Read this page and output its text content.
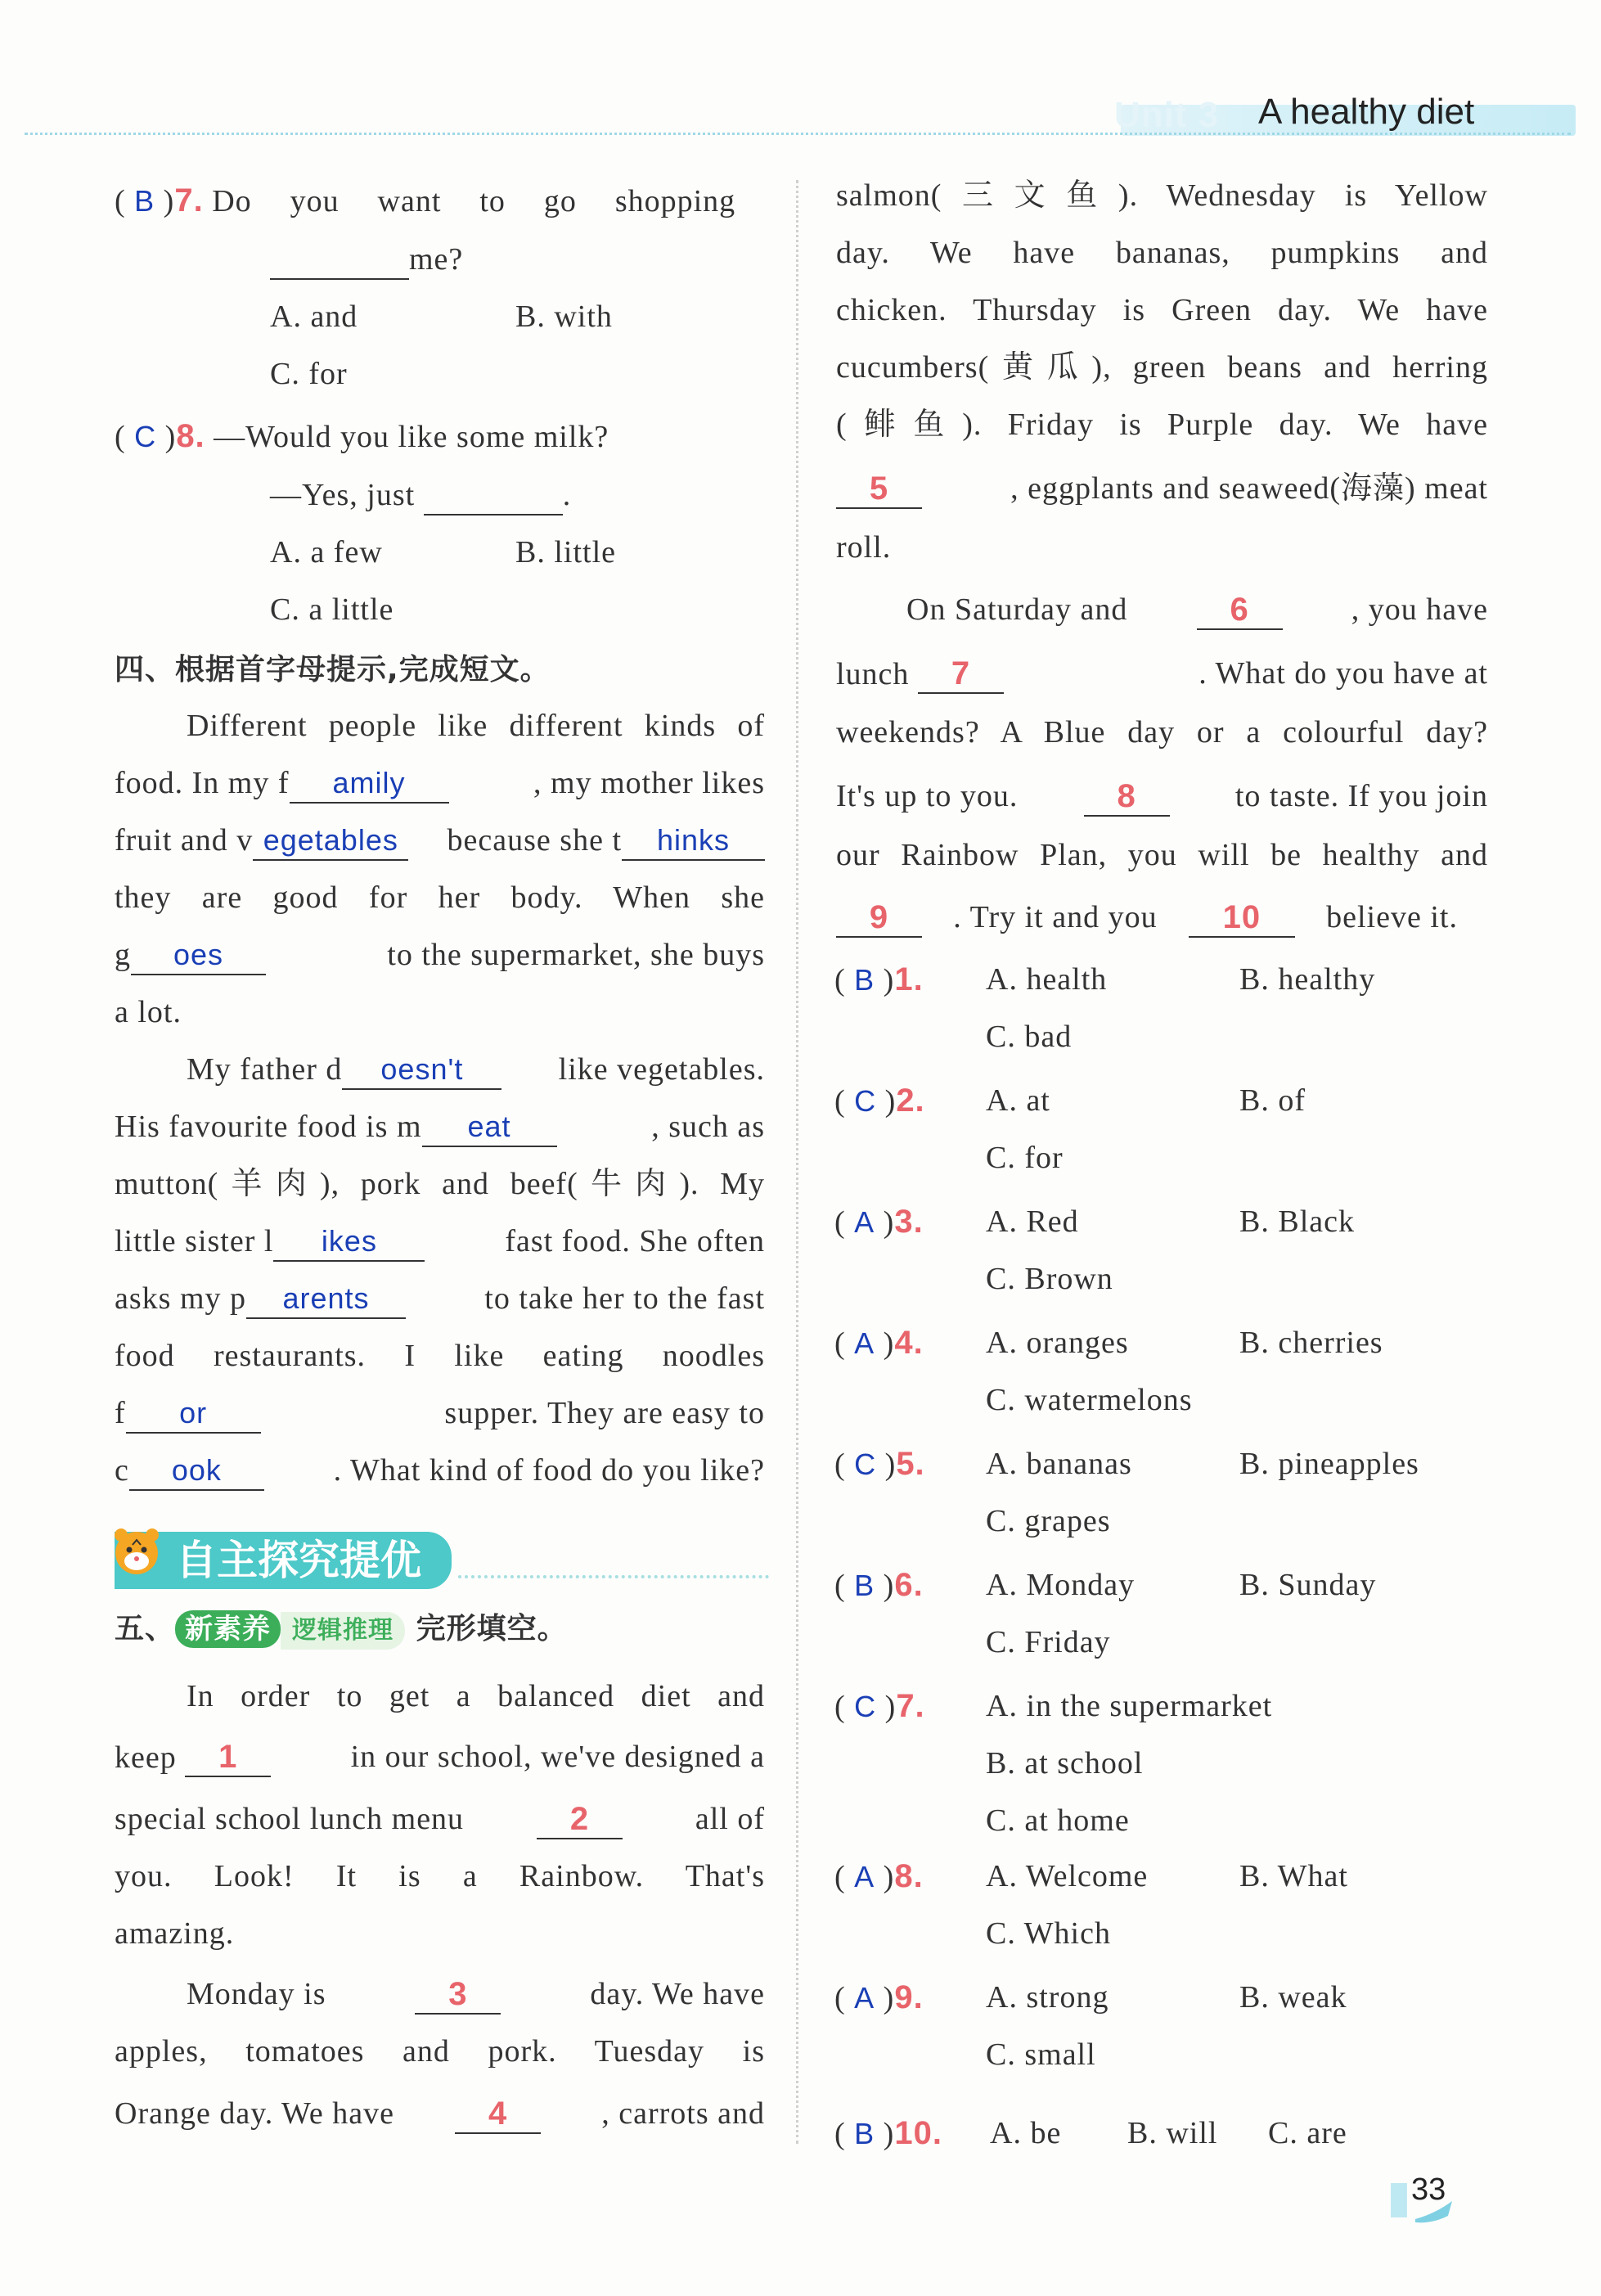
Unit 3 A healthy diet
( B )7. Do you want to go shopping
me?
A. and	B. with
C. for
( C )8. —Would you like some milk?
—Yes, just	.
A. a few	B. little
C. a little
四、根据首字母提示,完成短文。
Different people like different kinds of
food. In my f amily	, my mother likes
fruit and v egetables	because she t hinks
they are good for her body. When she
g oes	to the supermarket, she buys
a lot.
My father d oesn't	like vegetables.
His favourite food is m eat	, such as
mutton(羊肉), pork and beef(牛肉). My
little sister l ikes	fast food. She often
asks my p arents	to take her to the fast
food restaurants. I like eating noodles
f or	supper. They are easy to
c ook	. What kind of food do you like?
自主探究提优
五、 新素养 逻辑推理 完形填空。
In order to get a balanced diet and
keep 1	in our school, we've designed a
special school lunch menu	2	all of
you. Look! It is a Rainbow. That's
amazing.
Monday is	3	day. We have
apples, tomatoes and pork. Tuesday is
Orange day. We have	4	, carrots and
salmon(三文鱼). Wednesday is Yellow
day. We have bananas, pumpkins and
chicken. Thursday is Green day. We have
cucumbers(黄瓜), green beans and herring
(鲱鱼). Friday is Purple day. We have
5	, eggplants and seaweed(海藻) meat
roll.
On Saturday and	6	, you have
lunch 7	. What do you have at
weekends? A Blue day or a colourful day?
It's up to you.	8	to taste. If you join
our Rainbow Plan, you will be healthy and
9	. Try it and you	10	believe it.
( B )1. A. health	B. healthy
C. bad
( C )2. A. at	B. of
C. for
( A )3. A. Red	B. Black
C. Brown
( A )4. A. oranges	B. cherries
C. watermelons
( C )5. A. bananas	B. pineapples
C. grapes
( B )6. A. Monday	B. Sunday
C. Friday
( C )7. A. in the supermarket
B. at school
C. at home
( A )8. A. Welcome	B. What
C. Which
( A )9. A. strong	B. weak
C. small
( B )10. A. be B. will C. are
33
